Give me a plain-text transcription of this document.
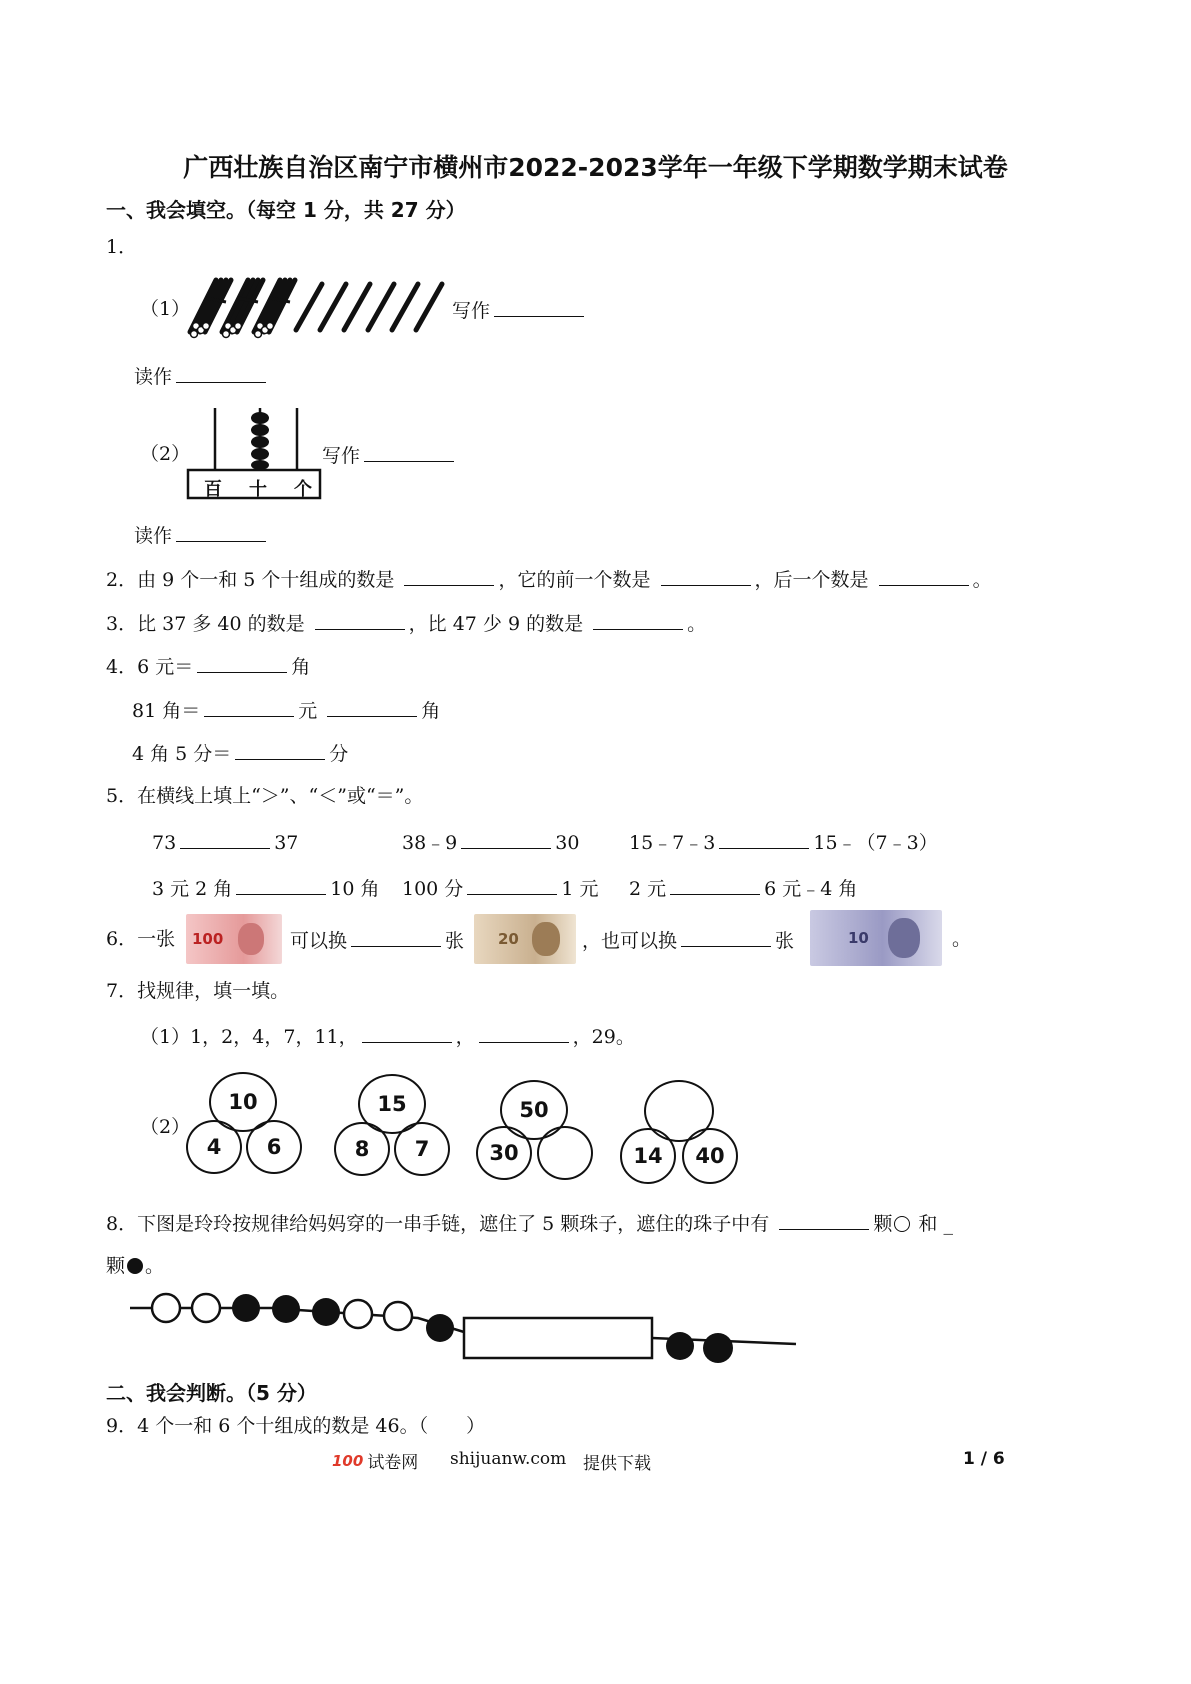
广西壮族自治区南宁市横州市2022-2023学年一年级下学期数学期末试卷
一、我会填空。（每空 1 分，共 27 分）
1．
（1）	写作
读作
（2）
百 十 个
写作
读作
2．由 9 个一和 5 个十组成的数是	，它的前一个数是	，后一个数是	。
3．比 37 多 40 的数是	，比 47 少 9 的数是	。
4．6 元＝	角
81 角＝	元	角
4 角 5 分＝	分
5．在横线上填上“＞”、“＜”或“＝”。
73	37	38﹣9	30	15﹣7﹣3	15﹣（7﹣3）
3 元 2 角	10 角 100 分	1 元 2 元	6 元﹣4 角
6．一张	100	可以换	张	20	，也可以换	张	10	。
7．找规律，填一填。
（1）1，2，4，7，11，	，	，29。
（2）
10
4	6
15
8	7
50
30	14	40
8．下图是玲玲按规律给妈妈穿的一串手链，遮住了 5 颗珠子，遮住的珠子中有	颗 和 _
颗 。
二、我会判断。（5 分）
9．4 个一和 6 个十组成的数是 46。（　　）
100 试卷网 shijuanw.com 提供下载	1 / 6
